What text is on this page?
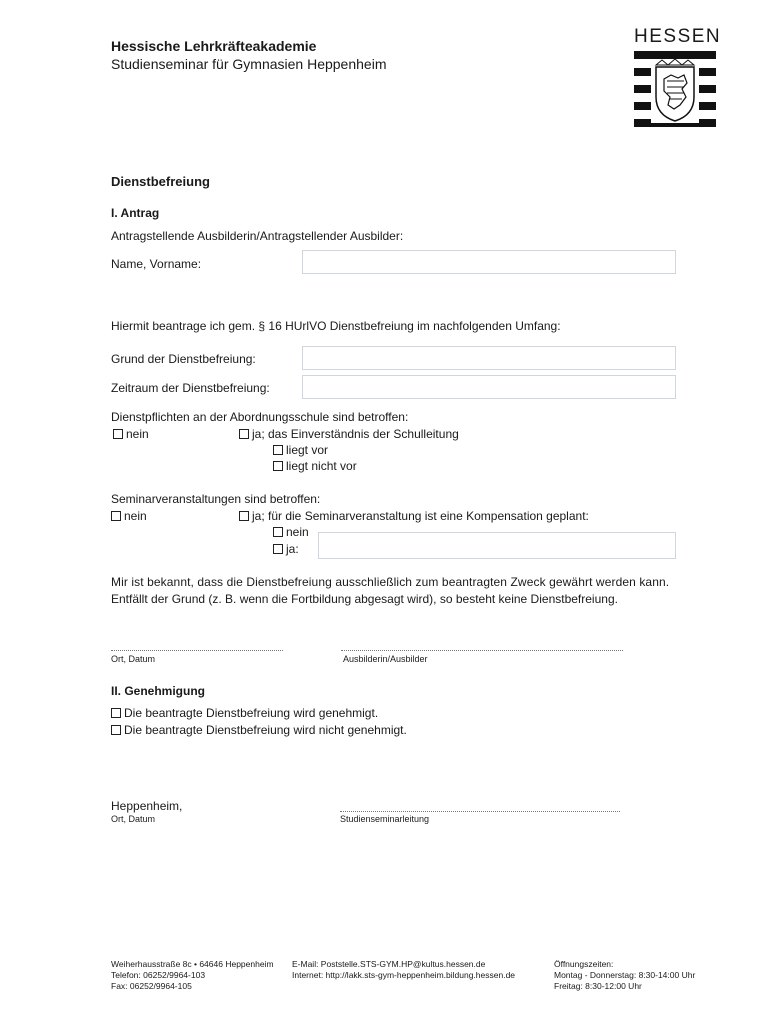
Hessische Lehrkräfteakademie
Studienseminar für Gymnasien Heppenheim
HESSEN
Dienstbefreiung
I. Antrag
Antragstellende Ausbilderin/Antragstellender Ausbilder:
Name, Vorname:
Hiermit beantrage ich gem. § 16 HUrlVO Dienstbefreiung im nachfolgenden Umfang:
Grund der Dienstbefreiung:
Zeitraum der Dienstbefreiung:
Dienstpflichten an der Abordnungsschule sind betroffen:
nein	ja; das Einverständnis der Schulleitung
liegt vor
liegt nicht vor
Seminarveranstaltungen sind betroffen:
nein	ja; für die Seminarveranstaltung ist eine Kompensation geplant:
nein
ja:
Mir ist bekannt, dass die Dienstbefreiung ausschließlich zum beantragten Zweck gewährt werden kann.
Entfällt der Grund (z. B. wenn die Fortbildung abgesagt wird), so besteht keine Dienstbefreiung.
Ort, Datum	Ausbilderin/Ausbilder
II. Genehmigung
Die beantragte Dienstbefreiung wird genehmigt.
Die beantragte Dienstbefreiung wird nicht genehmigt.
Heppenheim,
Ort, Datum	Studienseminarleitung
Weiherhausstraße 8c • 64646 Heppenheim
Telefon: 06252/9964-103
Fax: 06252/9964-105
E-Mail: Poststelle.STS-GYM.HP@kultus.hessen.de
Internet: http://lakk.sts-gym-heppenheim.bildung.hessen.de
Öffnungszeiten:
Montag - Donnerstag: 8:30-14:00 Uhr
Freitag: 8:30-12:00 Uhr
